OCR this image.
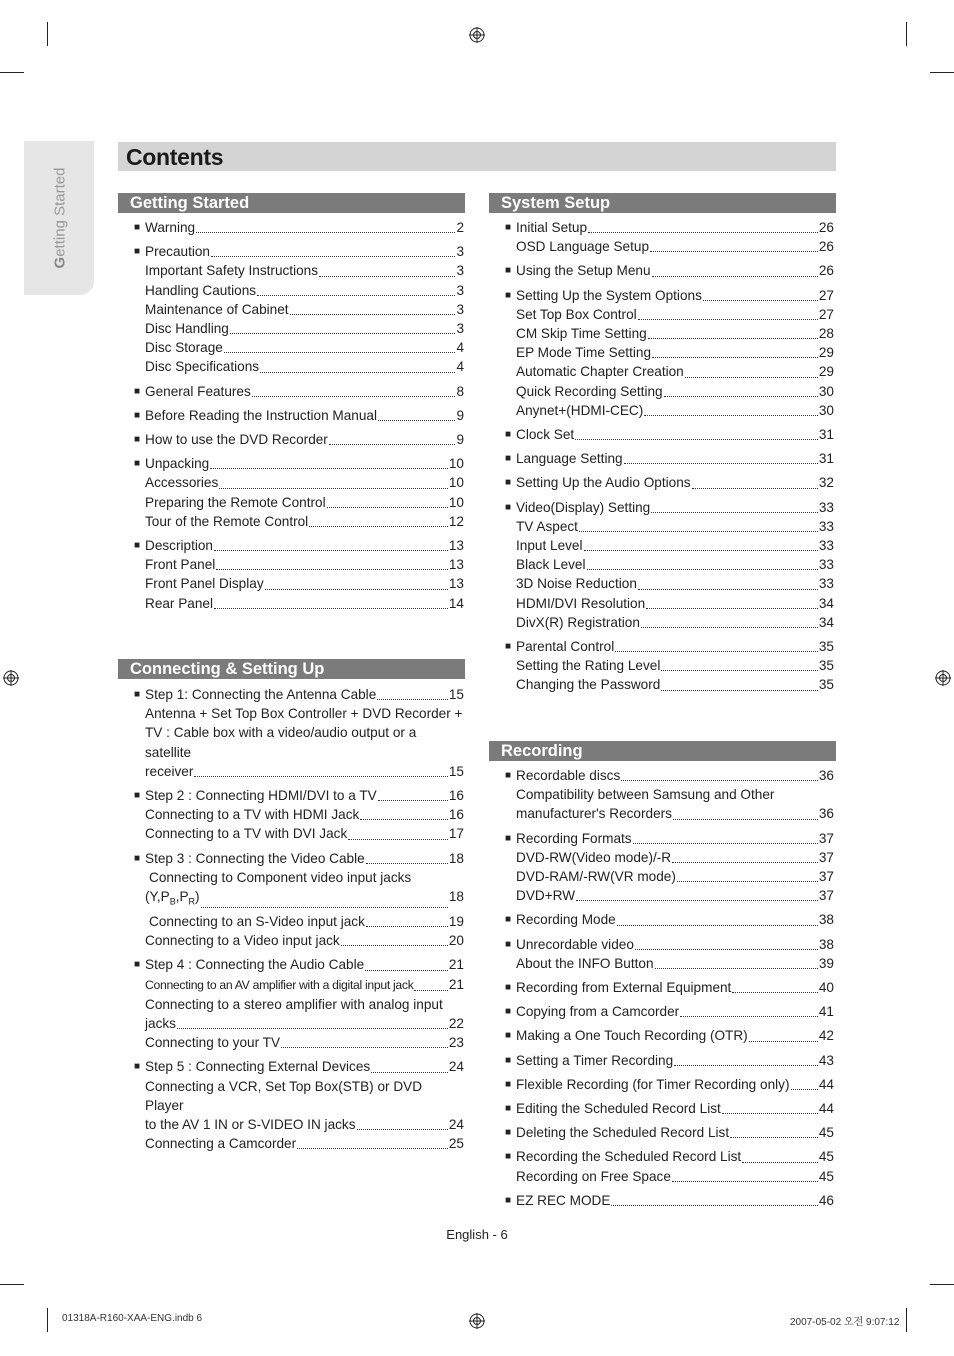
Getting Started
Contents
Getting Started
Connecting & Setting Up
System Setup
Recording
■ Warning	2
■ Precaution	3
Important Safety Instructions	3
Handling Cautions	3
Maintenance of Cabinet	3
Disc Handling	3
Disc Storage	4
Disc Specifications	4
■ General Features	8
■ Before Reading the Instruction Manual	9
■ How to use the DVD Recorder	9
■ Unpacking	10
Accessories	10
Preparing the Remote Control	10
Tour of the Remote Control	12
■ Description	13
Front Panel	13
Front Panel Display	13
Rear Panel	14
■ Step 1: Connecting the Antenna Cable	15
Antenna + Set Top Box Controller + DVD Recorder + TV : Cable box with a video/audio output or a satellite
receiver	15
■ Step 2 : Connecting HDMI/DVI to a TV	16
Connecting to a TV with HDMI Jack	16
Connecting to a TV with DVI Jack	17
■ Step 3 : Connecting the Video Cable	18
Connecting to Component video input jacks
$(Y,P_B,P_R)$	18
Connecting to an S-Video input jack	19
Connecting to a Video input jack	20
■ Step 4 : Connecting the Audio Cable	21
Connecting to an AV amplifier with a digital input jack	21
Connecting to a stereo amplifier with analog input
jacks	22
Connecting to your TV	23
■ Step 5 : Connecting External Devices	24
Connecting a VCR, Set Top Box(STB) or DVD Player
to the AV 1 IN or S-VIDEO IN jacks	24
Connecting a Camcorder	25
■ Initial Setup	26
OSD Language Setup	26
■ Using the Setup Menu	26
■ Setting Up the System Options	27
Set Top Box Control	27
CM Skip Time Setting	28
EP Mode Time Setting	29
Automatic Chapter Creation	29
Quick Recording Setting	30
Anynet+(HDMI-CEC)	30
■ Clock Set	31
■ Language Setting	31
■ Setting Up the Audio Options	32
■ Video(Display) Setting	33
TV Aspect	33
Input Level	33
Black Level	33
3D Noise Reduction	33
HDMI/DVI Resolution	34
DivX(R) Registration	34
■ Parental Control	35
Setting the Rating Level	35
Changing the Password	35
■ Recordable discs	36
Compatibility between Samsung and Other
manufacturer's Recorders	36
■ Recording Formats	37
DVD-RW(Video mode)/-R	37
DVD-RAM/-RW(VR mode)	37
DVD+RW	37
■ Recording Mode	38
■ Unrecordable video	38
About the INFO Button	39
■ Recording from External Equipment	40
■ Copying from a Camcorder	41
■ Making a One Touch Recording (OTR)	42
■ Setting a Timer Recording	43
■ Flexible Recording (for Timer Recording only) 44
■ Editing the Scheduled Record List	44
■ Deleting the Scheduled Record List	45
■ Recording the Scheduled Record List	45
Recording on Free Space	45
■ EZ REC MODE	46
English - 6
01318A-R160-XAA-ENG.indb 6	2007-05-02 오전 9:07:12
